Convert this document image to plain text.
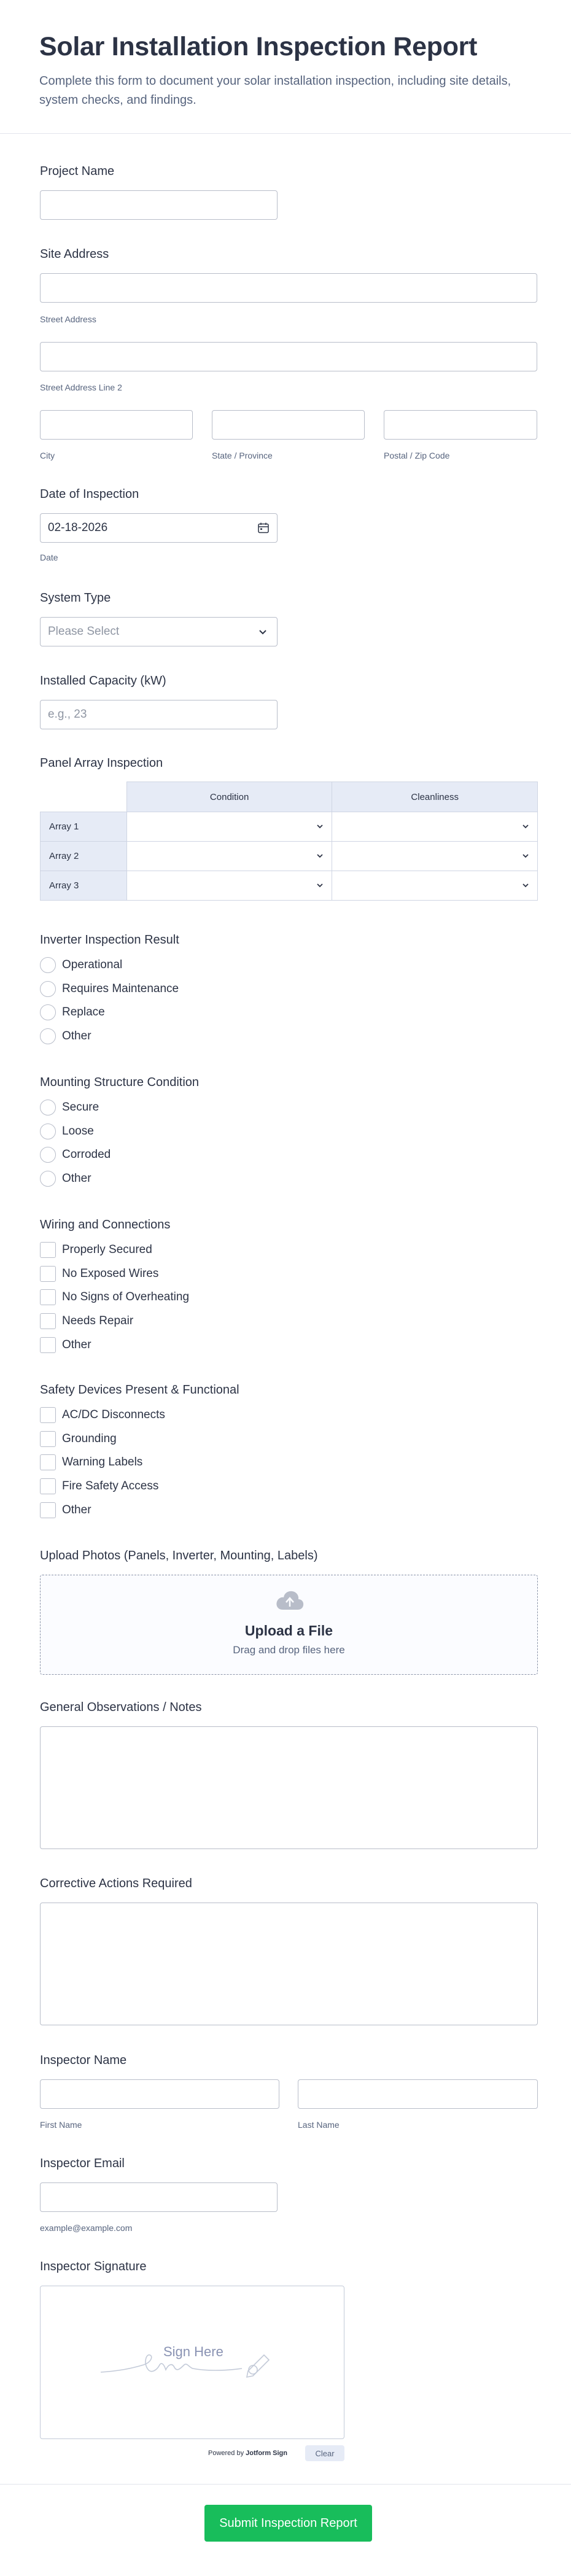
Solar Installation Inspection Report

Complete this form to document your solar installation inspection, including site details, system checks, and findings.

Project Name
Site Address
Street Address
Street Address Line 2
City	State / Province	Postal / Zip Code
Date of Inspection
02-18-2026
Date
System Type
Please Select
Installed Capacity (kW)
e.g., 23
Panel Array Inspection
	Condition	Cleanliness
Array 1	

Array 2	

Array 3	

Inverter Inspection Result
Operational
Requires Maintenance
Replace
Other
Mounting Structure Condition
Secure
Loose
Corroded
Other
Wiring and Connections
Properly Secured
No Exposed Wires
No Signs of Overheating
Needs Repair
Other
Safety Devices Present & Functional
AC/DC Disconnects
Grounding
Warning Labels
Fire Safety Access
Other
Upload Photos (Panels, Inverter, Mounting, Labels)
Upload a File
Drag and drop files here
General Observations / Notes
Corrective Actions Required
Inspector Name
First Name	Last Name
Inspector Email
example@example.com
Inspector Signature
Sign Here
Powered by Jotform Sign	Clear
Submit Inspection Report
